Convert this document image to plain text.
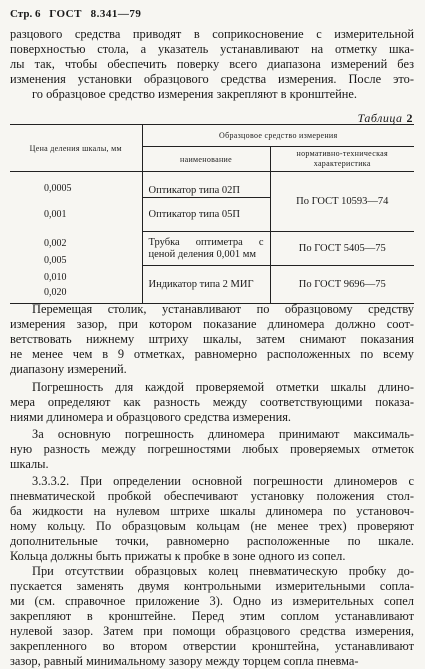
Стр. 6 ГОСТ 8.341—79
разцового средства приводят в соприкосновение с измерительной
поверхностью стола, а указатель устанавливают на отметку шка-
лы так, чтобы обеспечить поверку всего диапазона измерений без
изменения установки образцового средства измерения. После это-
го образцовое средство измерения закрепляют в кронштейне.
Таблица 2
Цена деления шкалы, мм	Образцовое средство измерения	
	наименование	нормативно-техническая характеристика
0,0005	Оптикатор типа 02П	По ГОСТ 10593—74
0,001	Оптикатор типа 05П	
0,002	Трубка оптиметра с ценой деления 0,001 мм	По ГОСТ 5405—75
0,005		
0,010	Индикатор типа 2 МИГ	По ГОСТ 9696—75
0,020		
Перемещая столик, устанавливают по образцовому средству
измерения зазор, при котором показание длиномера должно соот-
ветствовать нижнему штриху шкалы, затем снимают показания
не менее чем в 9 отметках, равномерно расположенных по всему
диапазону измерений.
Погрешность для каждой проверяемой отметки шкалы длино-
мера определяют как разность между соответствующими показа-
ниями длиномера и образцового средства измерения.
За основную погрешность длиномера принимают максималь-
ную разность между погрешностями любых проверяемых отметок
шкалы.
3.3.3.2. При определении основной погрешности длиномеров с
пневматической пробкой обеспечивают установку положения стол-
ба жидкости на нулевом штрихе шкалы длиномера по установоч-
ному кольцу. По образцовым кольцам (не менее трех) проверяют
дополнительные точки, равномерно расположенные по шкале.
Кольца должны быть прижаты к пробке в зоне одного из сопел.
При отсутствии образцовых колец пневматическую пробку до-
пускается заменять двумя контрольными измерительными сопла-
ми (см. справочное приложение 3). Одно из измерительных сопел
закрепляют в кронштейне. Перед этим соплом устанавливают
нулевой зазор. Затем при помощи образцового средства измерения,
закрепленного во втором отверстии кронштейна, устанавливают
зазор, равный минимальному зазору между торцем сопла пневма-
